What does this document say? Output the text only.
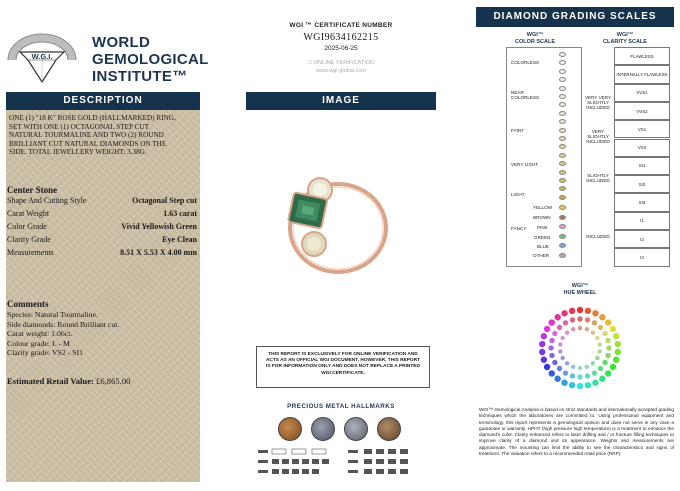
W.G.I.
WORLD
GEMOLOGICAL
INSTITUTE™
DESCRIPTION
ONE (1) "18 K" ROSE GOLD (HALLMARKED) RING, SET WITH ONE (1) OCTAGONAL STEP CUT NATURAL TOURMALINE AND TWO (2) ROUND BRILLIANT CUT NATURAL DIAMONDS ON THE SIDE. TOTAL JEWELLERY WEIGHT: 3.38G.
Center Stone
Shape And Cutting Style	Octagonal Step cut
Carat Weight	1.63 carat
Color Grade	Vivid Yellowish Green
Clarity Grade	Eye Clean
Measurements	8.51 X 5.53 X 4.00 mm
Comments
Species: Natural Tourmaline.
Side diamonds: Round Brilliant cut.
Carat weight: 1.06ct.
Colour grade: L - M
Clarity grade: VS2 - SI1
Estimated Retail Value: £6,865.00
WGI ™ CERTIFICATE NUMBER
WGI9634162215
2025-06-25
⎋ ONLINE VERIFICATION
www.wgi-global.com
IMAGE
THIS REPORT IS EXCLUSIVELY FOR ONLINE VERIFICATION AND ACTS AS AN OFFICIAL WGI DOCUMENT. HOWEVER, THIS REPORT IS FOR INFORMATION ONLY AND DOES NOT REPLACE A PRINTED WGI CERTIFICATE.
PRECIOUS METAL HALLMARKS
DIAMOND GRADING SCALES
WGI™
COLOR SCALE
WGI™
CLARITY SCALE
COLORLESS
NEAR COLORLESS
FAINT
VERY LIGHT
LIGHT
FANCY
YELLOW
BROWN
PINK
GREEN
BLUE
OTHER
VERY VERY SLIGHTLY INCLUDED
VERY SLIGHTLY INCLUDED
SLIGHTLY INCLUDED
INCLUDED
FLAWLESS
INTERNALLY FLAWLESS
VVS1
VVS2
VS1
VS2
SI1
SI2
SI3
I1
I2
I3
WGI™
HUE WHEEL
WGI™ Gemological Analysis is based on strict standards and internationally accepted grading techniques which the laboratories are committed to. Using professional equipment and terminology, this report represents a gemological opinion and does not serve in any case a guarantee or warranty. HPHT (high pressure high temperature) is a treatment to enhance the diamond's color. Clarity enhanced refers to laser drilling and / or fracture filling techniques to improve clarity of a diamond and its appearance. Weights and measurements are approximate. The mounting can limit the ability to see the characteristics and signs of treatment. The valuation refers to a recommended retail price (RRP).
